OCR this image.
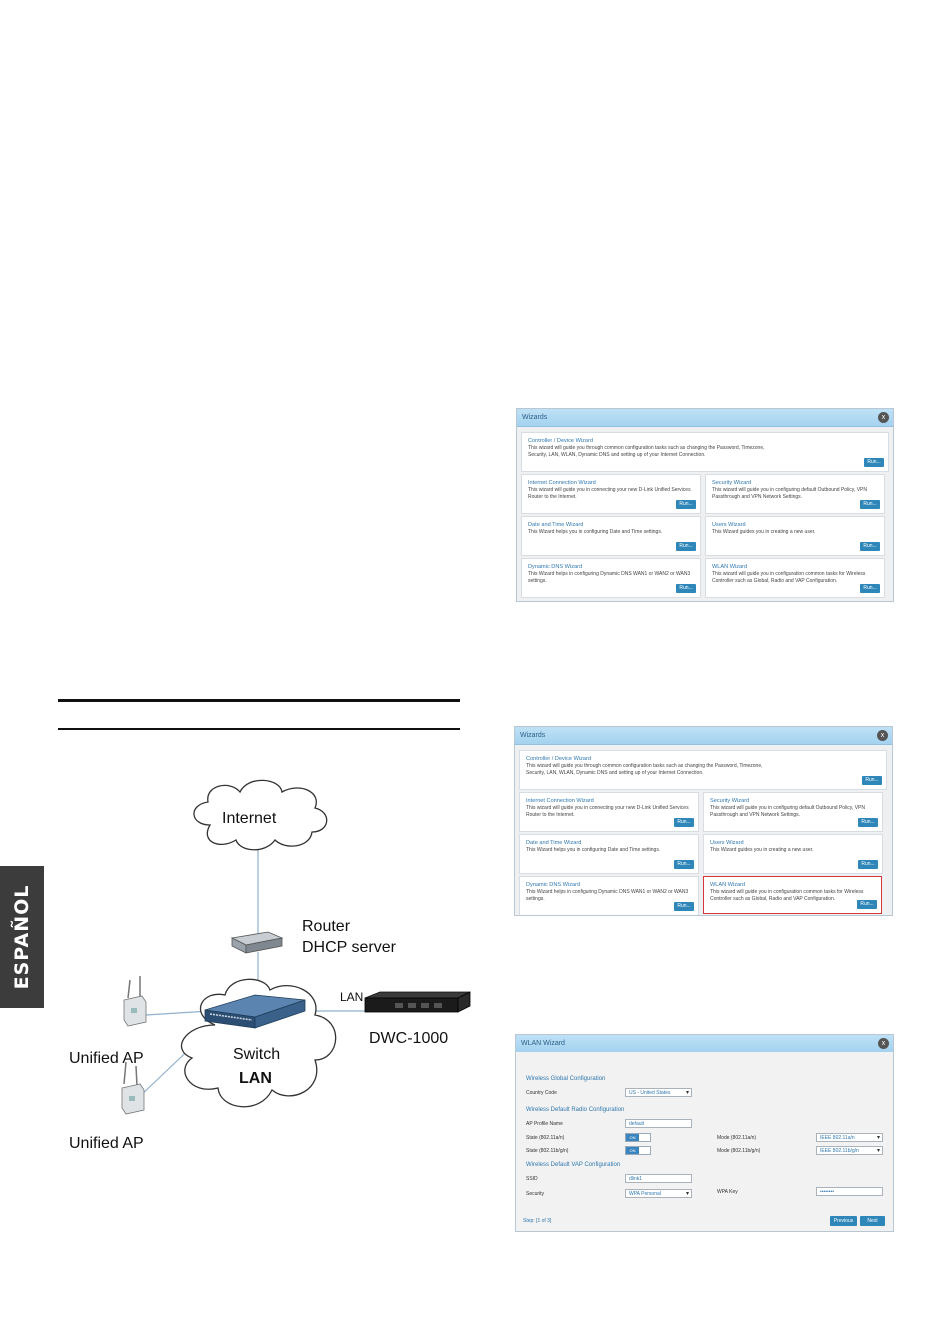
ESPAÑOL
Wizards	x
Controller / Device Wizard
This wizard will guide you through common configuration tasks such as changing the Password, Timezone,
Security, LAN, WLAN, Dynamic DNS and setting up of your Internet Connection.
Run...
Internet Connection Wizard
This wizard will guide you in connecting your new D-Link Unified Services
Router to the Internet.
Run...
Security Wizard
This wizard will guide you in configuring default Outbound Policy, VPN
Passthrough and VPN Network Settings.
Run...
Date and Time Wizard
This Wizard helps you in configuring Date and Time settings.
Run...
Users Wizard
This Wizard guides you in creating a new user.
Run...
Dynamic DNS Wizard
This Wizard helps in configuring Dynamic DNS WAN1 or WAN2 or WAN3
settings.
Run...
WLAN Wizard
This wizard will guide you in configuration common tasks for Wireless
Controller such as Global, Radio and VAP Configuration.
Run...
Wizards	x
Controller / Device Wizard
This wizard will guide you through common configuration tasks such as changing the Password, Timezone,
Security, LAN, WLAN, Dynamic DNS and setting up of your Internet Connection.
Run...
Internet Connection Wizard
This wizard will guide you in connecting your new D-Link Unified Services
Router to the Internet.
Run...
Security Wizard
This wizard will guide you in configuring default Outbound Policy, VPN
Passthrough and VPN Network Settings.
Run...
Date and Time Wizard
This Wizard helps you in configuring Date and Time settings.
Run...
Users Wizard
This Wizard guides you in creating a new user.
Run...
Dynamic DNS Wizard
This Wizard helps in configuring Dynamic DNS WAN1 or WAN2 or WAN3
settings.
Run...
WLAN Wizard
This wizard will guide you in configuration common tasks for Wireless
Controller such as Global, Radio and VAP Configuration.
Run...
WLAN Wizard	x
Wireless Global Configuration
Country Code	US - United States ▾
Wireless Default Radio Configuration
AP Profile Name	default
State (802.11a/n)	ON
State (802.11b/g/n)	ON
Mode (802.11a/n)	IEEE 802.11a/n ▾
Mode (802.11b/g/n)	IEEE 802.11b/g/n ▾
Wireless Default VAP Configuration
SSID	dlink1
Security	WPA Personal ▾	WPA Key	••••••••
Step: [1 of 3]	Previous	Next
Internet
Router
DHCP server
LAN
DWC-1000
Switch
LAN
Unified AP
Unified AP
